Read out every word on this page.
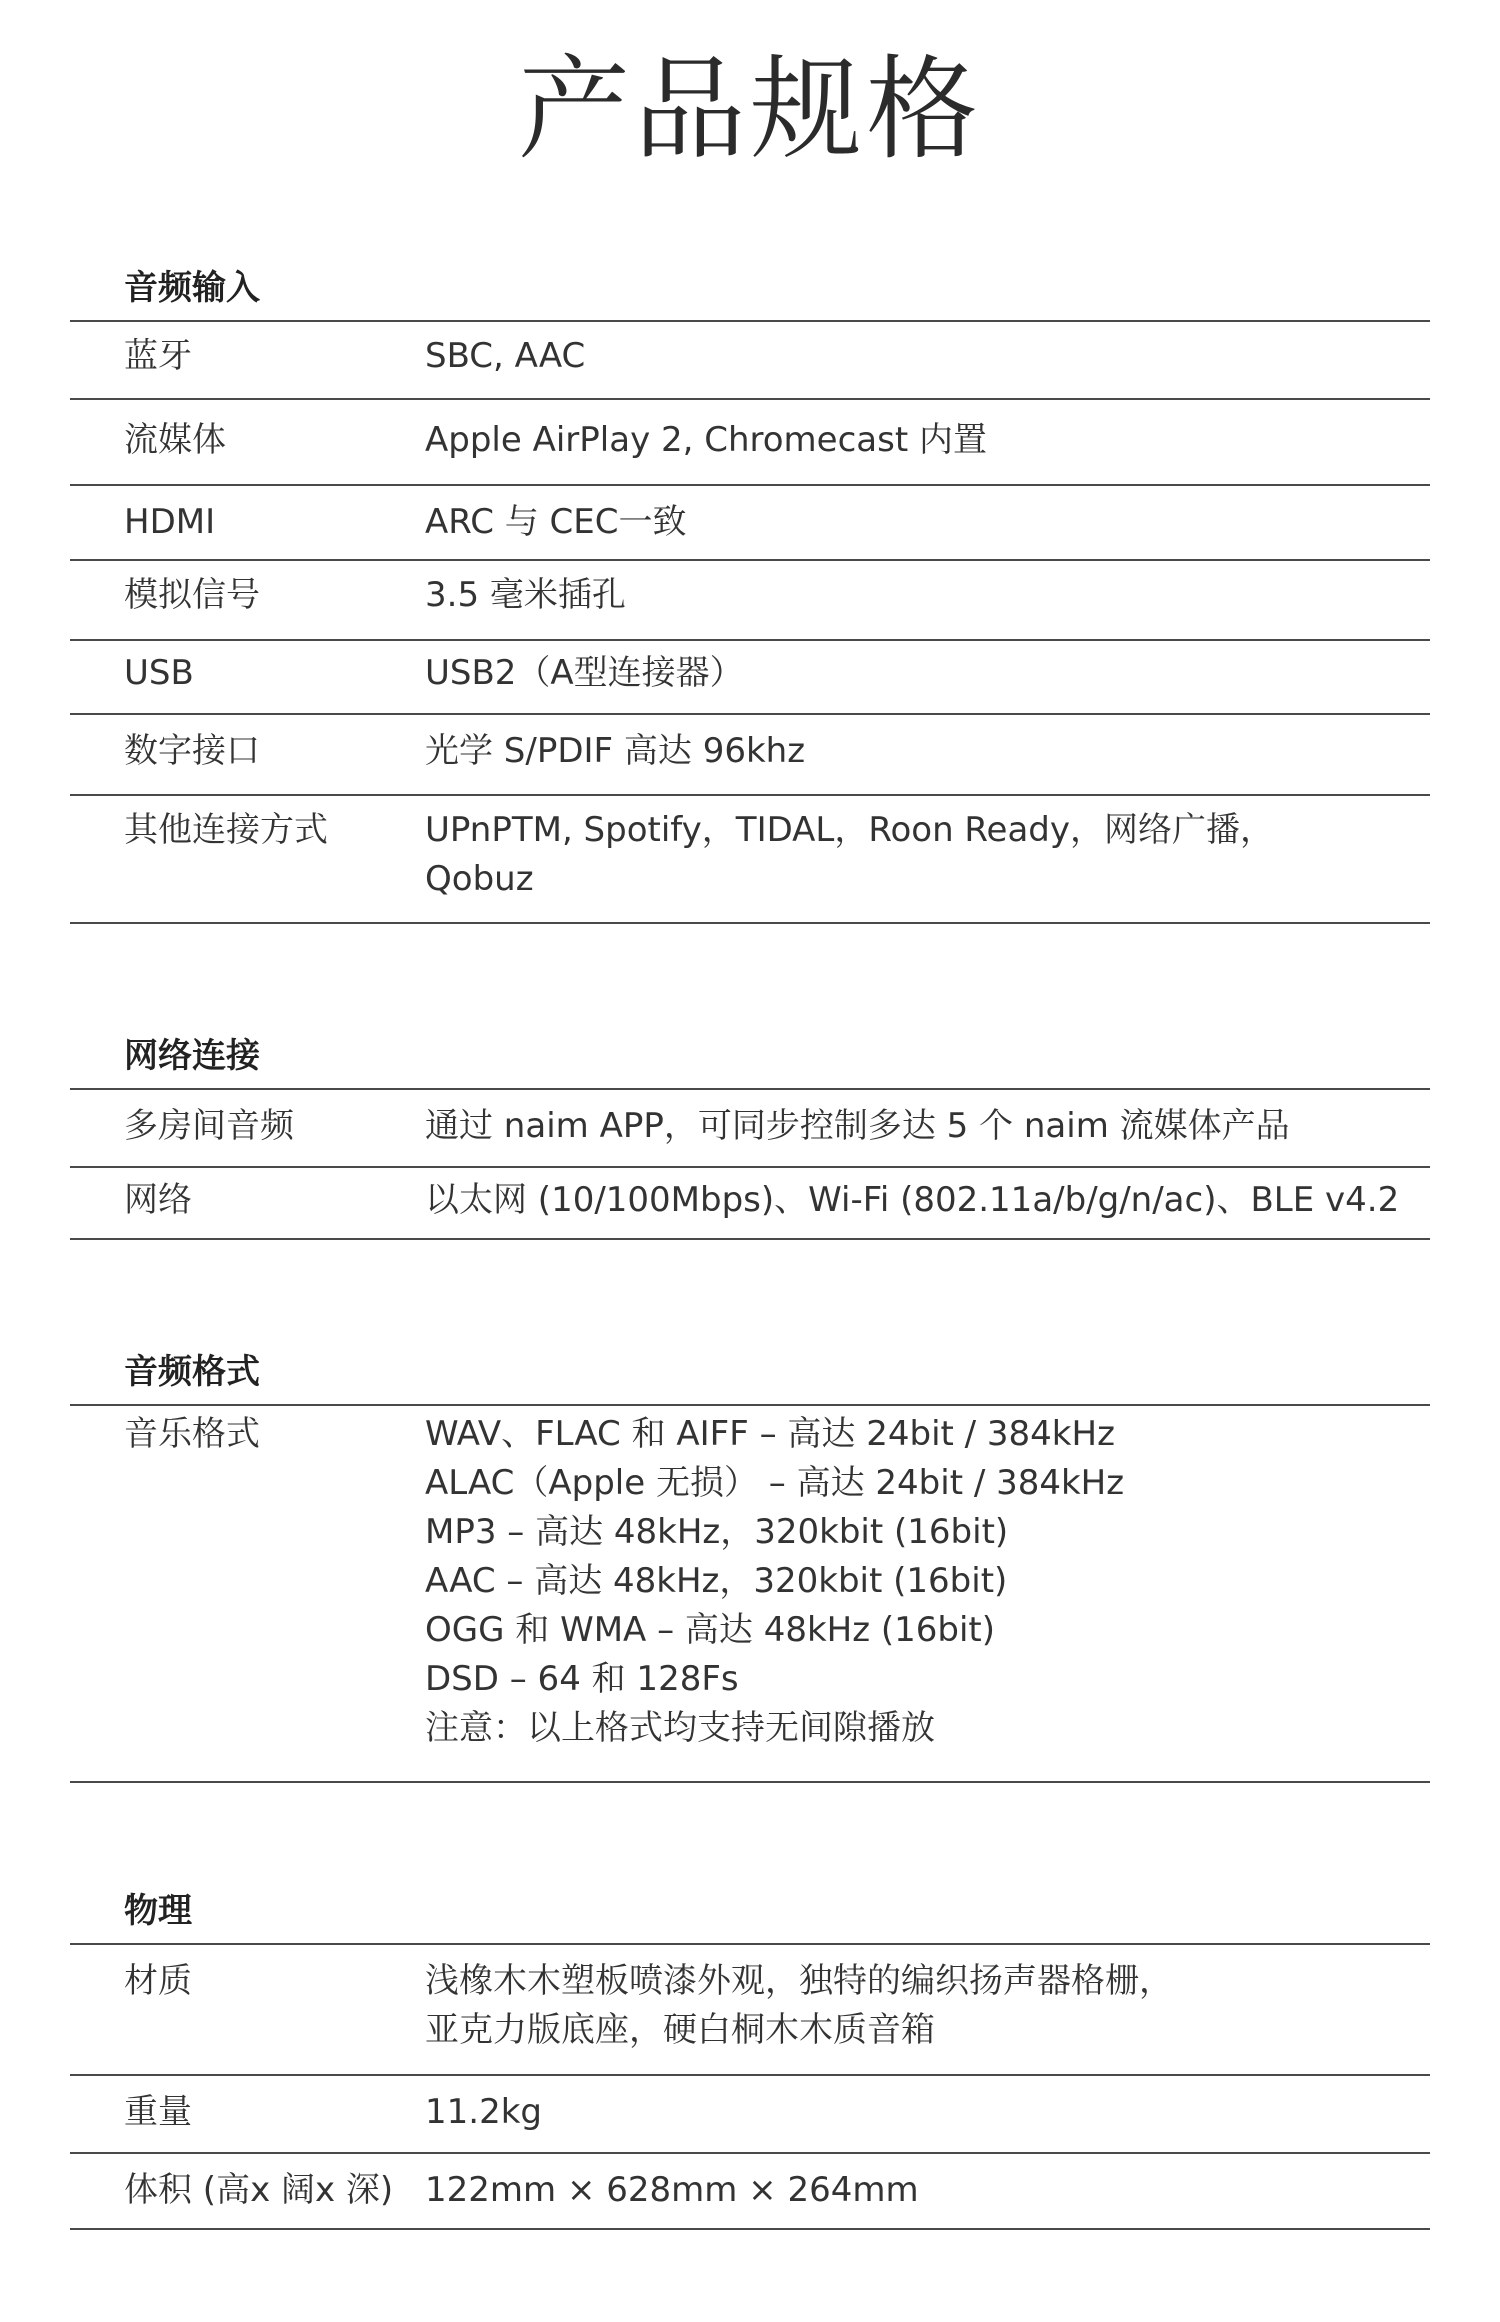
产品规格
音频输入
蓝牙	SBC, AAC
流媒体	Apple AirPlay 2, Chromecast 内置
HDMI	ARC 与 CEC一致
模拟信号	3.5 毫米插孔
USB	USB2（A型连接器）
数字接口	光学 S/PDIF 高达 96khz
其他连接方式	UPnPTM, Spotify，TIDAL，Roon Ready，网络广播，
Qobuz
网络连接
多房间音频	通过 naim APP，可同步控制多达 5 个 naim 流媒体产品
网络	以太网 (10/100Mbps)、Wi-Fi (802.11a/b/g/n/ac)、BLE v4.2
音频格式
音乐格式	WAV、FLAC 和 AIFF – 高达 24bit / 384kHz
ALAC（Apple 无损） – 高达 24bit / 384kHz
MP3 – 高达 48kHz，320kbit (16bit)
AAC – 高达 48kHz，320kbit (16bit)
OGG 和 WMA – 高达 48kHz (16bit)
DSD – 64 和 128Fs
注意：以上格式均支持无间隙播放
物理
材质	浅橡木木塑板喷漆外观，独特的编织扬声器格栅，
亚克力版底座，硬白桐木木质音箱
重量	11.2kg
体积 (高x 阔x 深) 122mm × 628mm × 264mm
